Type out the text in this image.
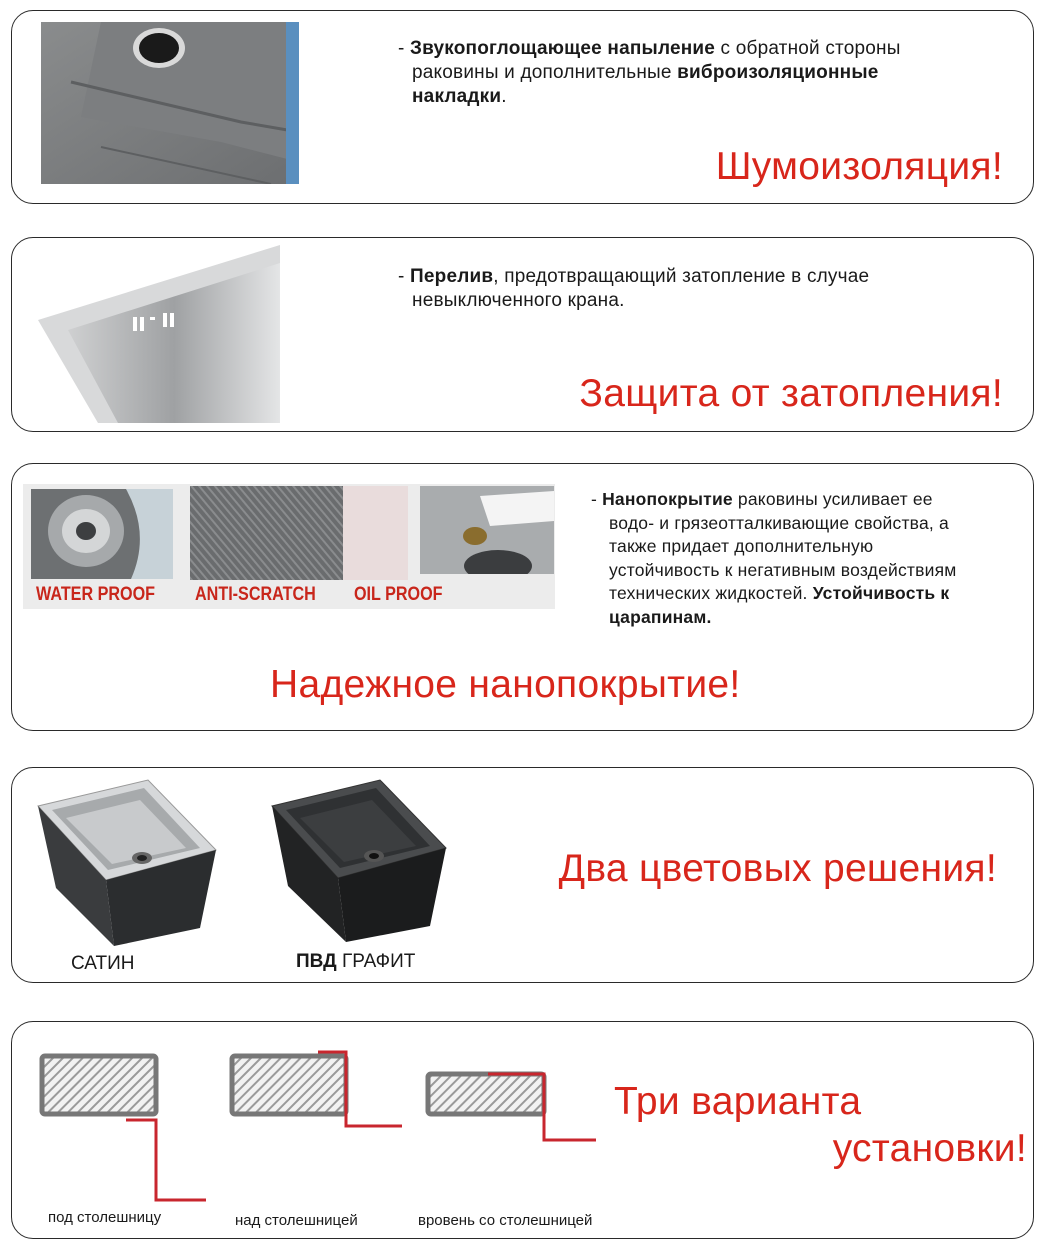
- Звукопоглощающее напыление с обратной стороны
раковины и дополнительные виброизоляционные
накладки.
Шумоизоляция!
- Перелив, предотвращающий затопление в случае
невыключенного крана.
Защита от затопления!
WATER PROOF ANTI-SCRATCH OIL PROOF
- Нанопокрытие раковины усиливает ее
водо- и грязеотталкивающие свойства, а
также придает дополнительную
устойчивость к негативным воздействиям
технических жидкостей. Устойчивость к
царапинам.
Надежное нанопокрытие!
САТИН	ПВД ГРАФИТ
Два цветовых решения!
под столешницу	над столешницей	вровень со столешницей
Три варианта
установки!
